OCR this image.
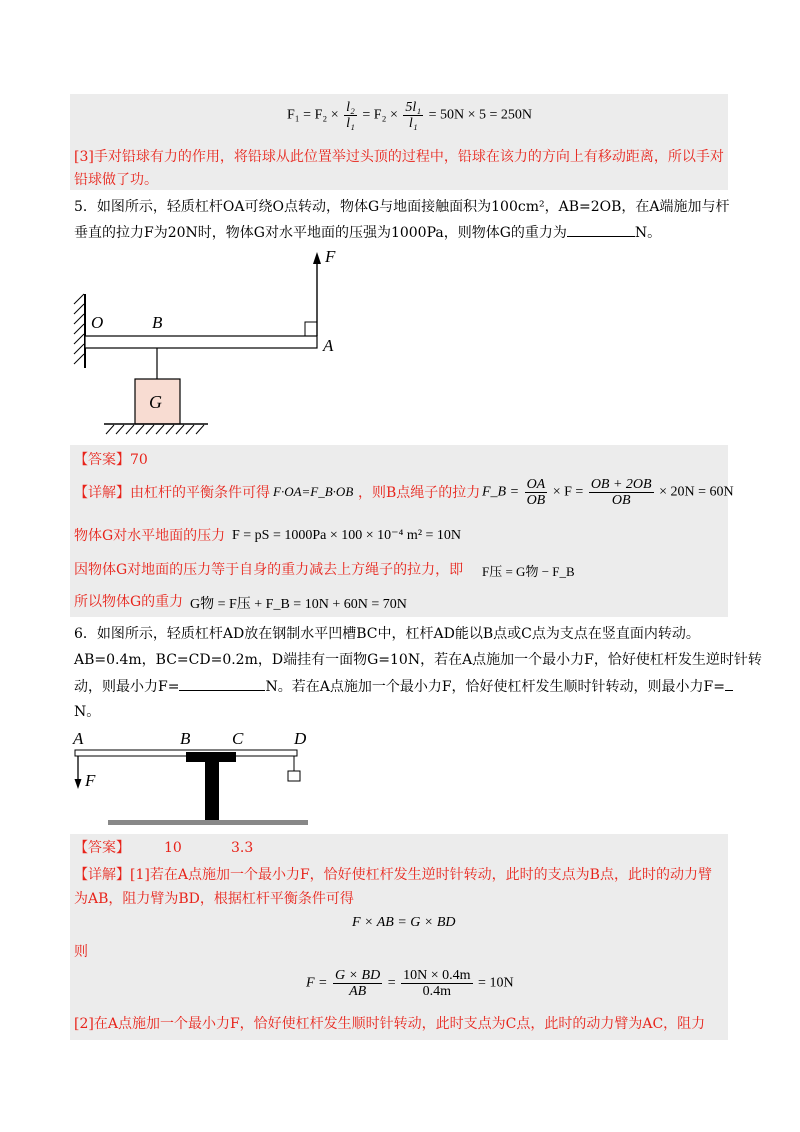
$F_1 = F_2 \times \frac{\text{l₂}}{\text{l₁}} = F_2 \times \frac{\text{5l₁}}{\text{l₁}} = 50N \times 5 = 250N$
[3]手对铅球有力的作用，将铅球从此位置举过头顶的过程中，铅球在该力的方向上有移动距离，所以手对
铅球做了功。
5．如图所示，轻质杠杆OA可绕O点转动，物体G与地面接触面积为100cm²，AB=2OB，在A端施加与杆
垂直的拉力F为20N时，物体G对水平地面的压强为1000Pa，则物体G的重力为	N。
F
O	B
A
G
【答案】70
【详解】由杠杆的平衡条件可得 F·OA=F_B·OB ，则B点绳子的拉力 F_B = $\frac{OA}{OB} \times F = \frac{OB + 2OB}{OB} \times 20N = 60N$
物体G对水平地面的压力 F = pS = 1000Pa × 100 × 10⁻⁴ m² = 10N
因物体G对地面的压力等于自身的重力减去上方绳子的拉力，即 F压 = G物 − F_B
所以物体G的重力 G物 = F压 + F_B = 10N + 60N = 70N
6．如图所示，轻质杠杆AD放在钢制水平凹槽BC中，杠杆AD能以B点或C点为支点在竖直面内转动。
AB=0.4m，BC=CD=0.2m，D端挂有一面物G=10N，若在A点施加一个最小力F，恰好使杠杆发生逆时针转
动，则最小力F=	N。若在A点施加一个最小力F，恰好使杠杆发生顺时针转动，则最小力F=
N。
A	B C	D
F
【答案】 10	3.3
【详解】[1]若在A点施加一个最小力F，恰好使杠杆发生逆时针转动，此时的支点为B点，此时的动力臂
为AB，阻力臂为BD，根据杠杆平衡条件可得
F × AB = G × BD
则
$F = \frac{G \times BD}{AB} = \frac{10N \times 0.4m}{0.4m} = 10N$
[2]在A点施加一个最小力F，恰好使杠杆发生顺时针转动，此时支点为C点，此时的动力臂为AC，阻力
